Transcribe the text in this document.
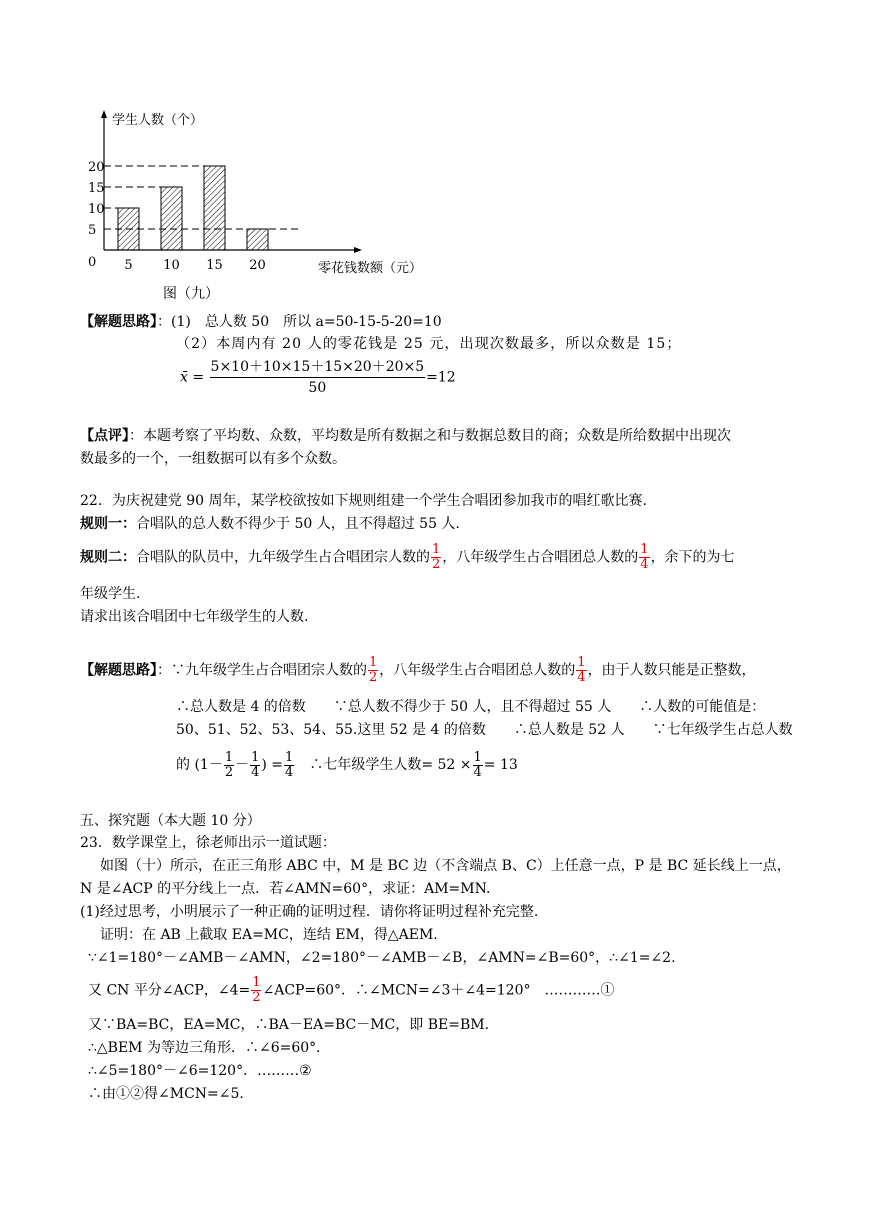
5 10 15 20
0
5
10
15
20
学生人数（个）
零花钱数额（元）
图（九）
【解题思路】：(1)　总人数 50　所以 a=50-15-5-20=10
（2）本周内有 20 人的零花钱是 25 元，出现次数最多，所以众数是 15；
x̄ = $\frac{5\times 10+10\times 15+15\times 20+20\times 5}{50} =12$
【点评】：本题考察了平均数、众数，平均数是所有数据之和与数据总数目的商；众数是所给数据中出现次
数最多的一个，一组数据可以有多个众数。
22．为庆祝建党 90 周年，某学校欲按如下规则组建一个学生合唱团参加我市的唱红歌比赛.
规则一：合唱队的总人数不得少于 50 人，且不得超过 55 人.
规则二：合唱队的队员中，九年级学生占合唱团宗人数的 $\frac{1}{2}$ ，八年级学生占合唱团总人数的 $\frac{1}{4}$ ，余下的为七
年级学生.
请求出该合唱团中七年级学生的人数.
【解题思路】：∵九年级学生占合唱团宗人数的 $\frac{1}{2}$ ，八年级学生占合唱团总人数的 $\frac{1}{4}$ ，由于人数只能是正整数，
∴总人数是 4 的倍数　　∵总人数不得少于 50 人，且不得超过 55 人　　∴人数的可能值是：
50、51、52、53、54、55.这里 52 是 4 的倍数　　∴总人数是 52 人　　∵七年级学生占总人数
的 ($1- \frac{1}{2} - \frac{1}{4}$ ) = $\frac{1}{4}$ 　∴七年级学生人数= $52 \times \frac{1}{4} = 13$
五、探究题（本大题 10 分）
23．数学课堂上，徐老师出示一道试题：
如图（十）所示，在正三角形 ABC 中，M 是 BC 边（不含端点 B、C）上任意一点，P 是 BC 延长线上一点，
N 是∠ACP 的平分线上一点．若∠AMN=60°，求证：AM=MN.
(1)经过思考，小明展示了一种正确的证明过程．请你将证明过程补充完整.
证明：在 AB 上截取 EA=MC，连结 EM，得△AEM.
∵∠1=180°－∠AMB－∠AMN，∠2=180°－∠AMB－∠B，∠AMN=∠B=60°，∴∠1=∠2.
又 CN 平分∠ACP，∠4= $\frac{1}{2}$ ∠ACP=60°．∴∠MCN=∠3＋∠4=120°　…………①
又∵BA=BC，EA=MC，∴BA－EA=BC－MC，即 BE=BM.
∴△BEM 为等边三角形．∴∠6=60°．
∴∠5=180°－∠6=120°．………②
∴由①②得∠MCN=∠5.
